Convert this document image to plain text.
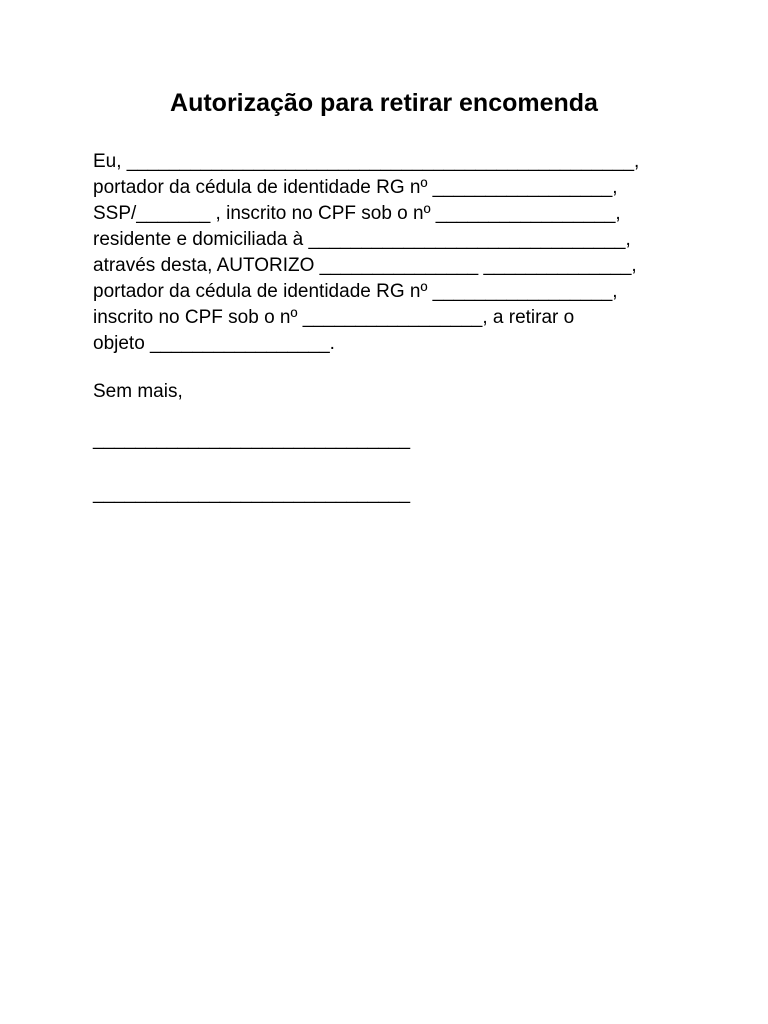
Autorização para retirar encomenda
Eu, ________________________________________________,
portador da cédula de identidade RG nº _________________,
SSP/_______ , inscrito no CPF sob o nº _________________,
residente e domiciliada à ______________________________,
através desta, AUTORIZO _______________ ______________,
portador da cédula de identidade RG nº _________________,
inscrito no CPF sob o nº _________________, a retirar o
objeto _________________.
Sem mais,
______________________________
______________________________
